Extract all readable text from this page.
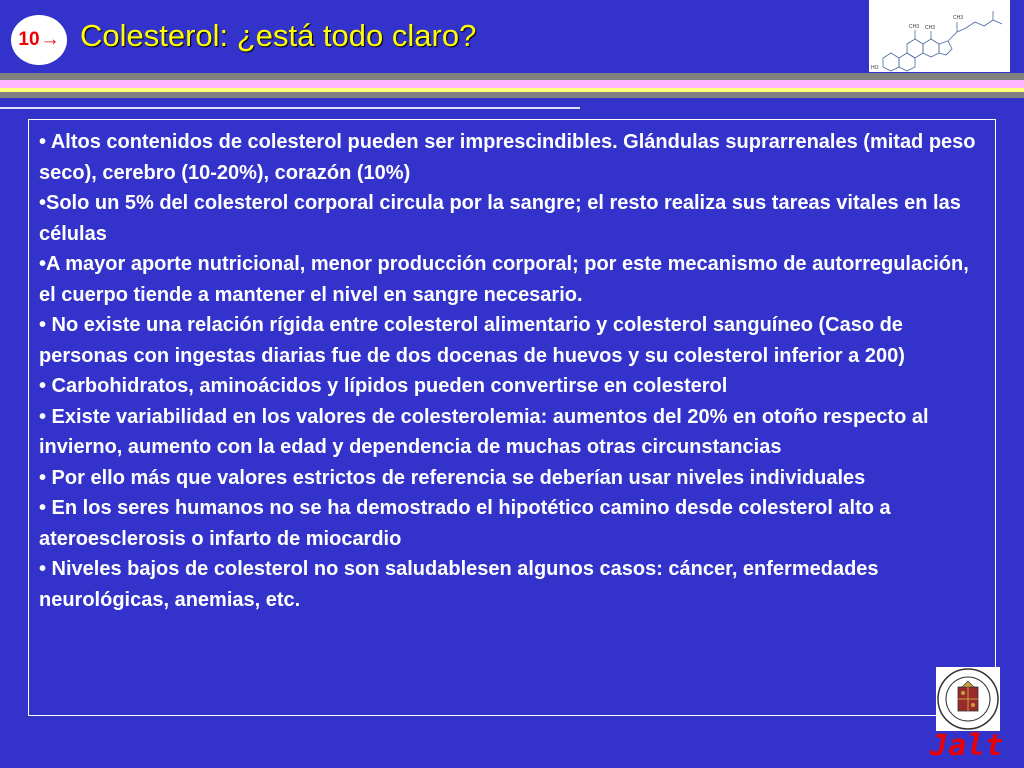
10 → Colesterol: ¿está todo claro?
HO
CH3
CH3
CH3
• Altos contenidos de colesterol pueden ser imprescindibles. Glándulas suprarrenales (mitad peso seco), cerebro (10-20%), corazón (10%)
•Solo un 5% del colesterol corporal circula por la sangre; el resto realiza sus tareas vitales en las células
•A mayor aporte nutricional, menor producción corporal; por este mecanismo de autorregulación, el cuerpo tiende a mantener el nivel en sangre necesario.
• No existe una relación rígida entre colesterol alimentario y colesterol sanguíneo (Caso de personas con ingestas diarias fue de dos docenas de huevos y su colesterol inferior a 200)
• Carbohidratos, aminoácidos y lípidos pueden convertirse en colesterol
• Existe variabilidad en los valores de colesterolemia: aumentos del 20% en otoño respecto al invierno, aumento con la edad y dependencia de muchas otras circunstancias
• Por ello más que valores estrictos de referencia se deberían usar niveles individuales
• En los seres humanos no se ha demostrado el hipotético camino desde colesterol alto a ateroesclerosis o infarto de miocardio
• Niveles bajos de colesterol no son saludablesen algunos casos: cáncer, enfermedades neurológicas, anemias, etc.
Jalt
